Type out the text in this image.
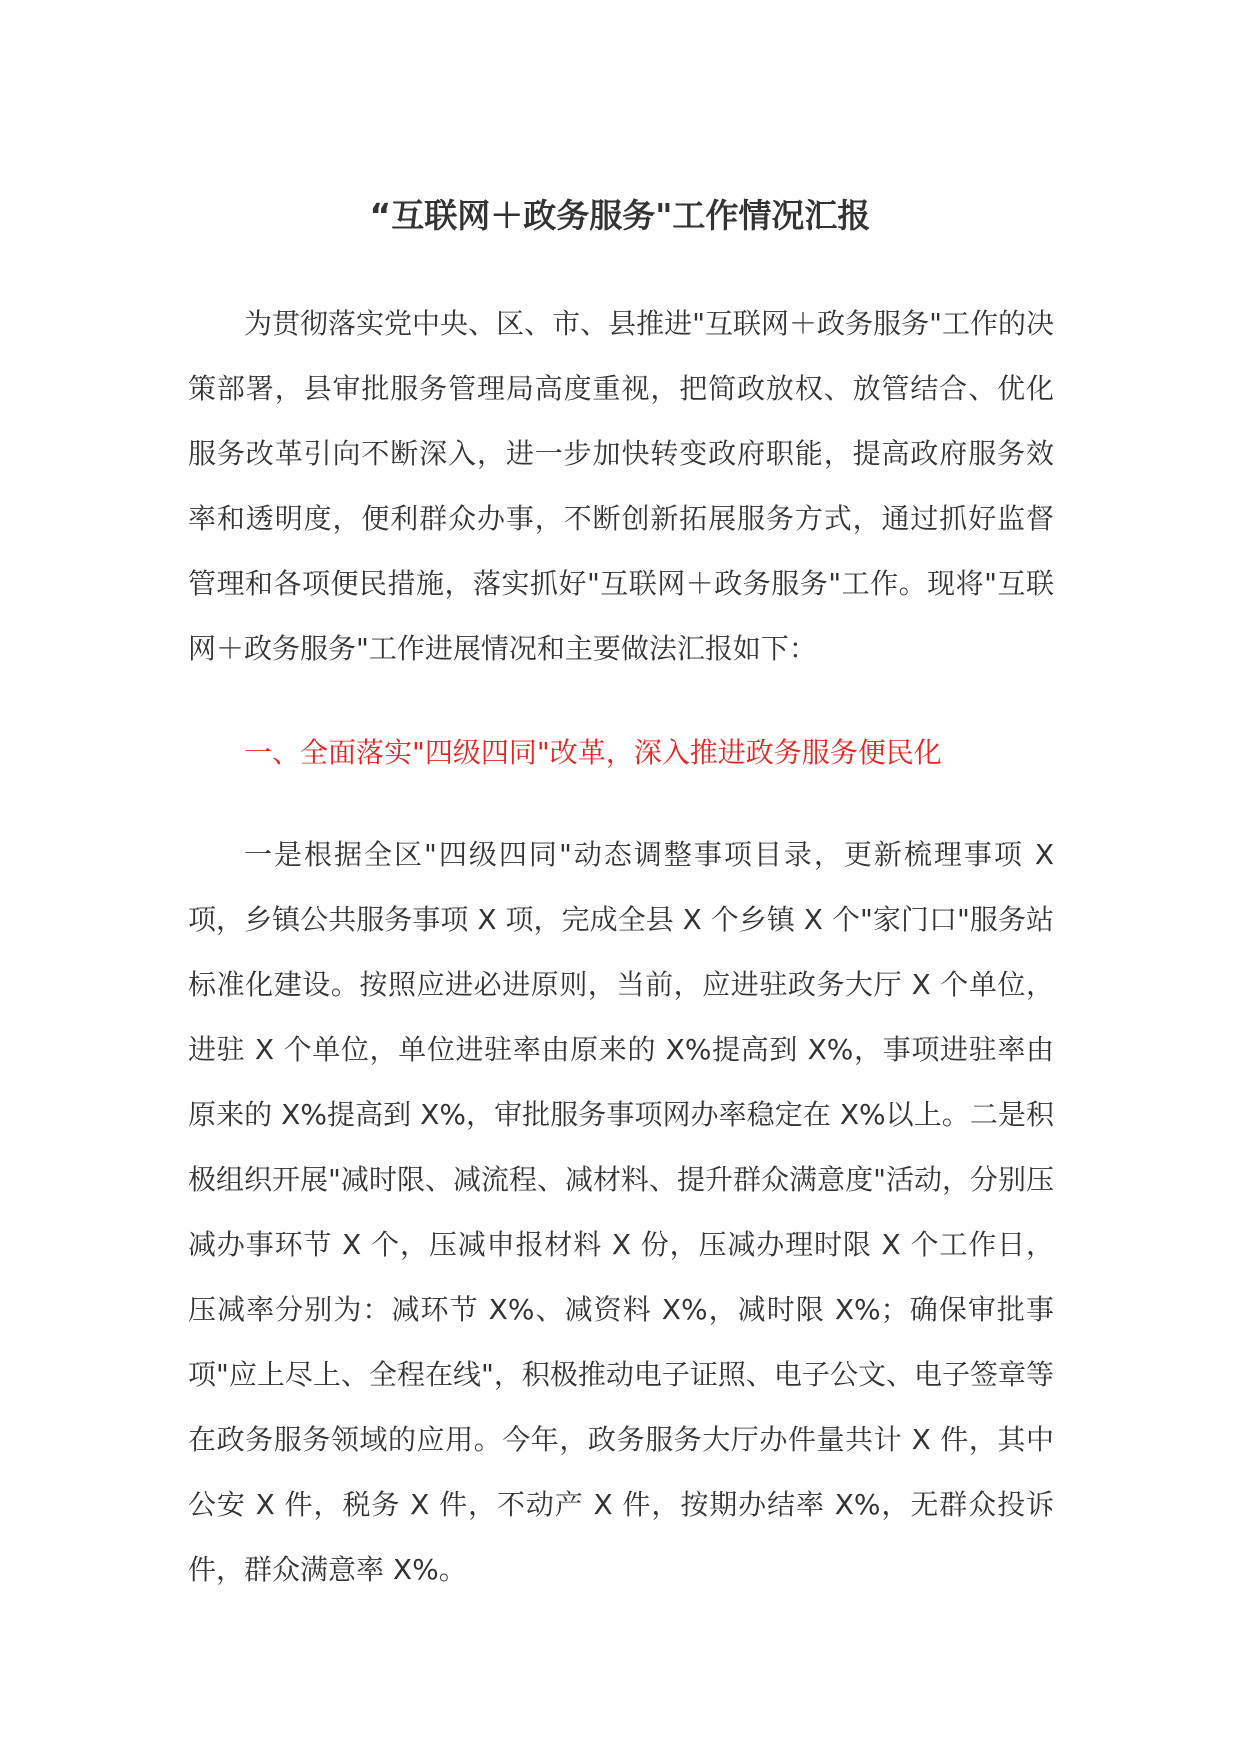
“互联网＋政务服务"工作情况汇报

为贯彻落实党中央、区、市、县推进"互联网＋政务服务"工作的决策部署，县审批服务管理局高度重视，把简政放权、放管结合、优化服务改革引向不断深入，进一步加快转变政府职能，提高政府服务效率和透明度，便利群众办事，不断创新拓展服务方式，通过抓好监督管理和各项便民措施，落实抓好"互联网＋政务服务"工作。现将"互联网＋政务服务"工作进展情况和主要做法汇报如下：

一、全面落实"四级四同"改革，深入推进政务服务便民化

一是根据全区"四级四同"动态调整事项目录，更新梳理事项 X 项，乡镇公共服务事项 X 项，完成全县 X 个乡镇 X 个"家门口"服务站标准化建设。按照应进必进原则，当前，应进驻政务大厅 X 个单位，进驻 X 个单位，单位进驻率由原来的 X%提高到 X%，事项进驻率由原来的 X%提高到 X%，审批服务事项网办率稳定在 X%以上。二是积极组织开展"减时限、减流程、减材料、提升群众满意度"活动，分别压减办事环节 X 个，压减申报材料 X 份，压减办理时限 X 个工作日，压减率分别为：减环节 X%、减资料 X%，减时限 X%；确保审批事项"应上尽上、全程在线"，积极推动电子证照、电子公文、电子签章等在政务服务领域的应用。今年，政务服务大厅办件量共计 X 件，其中公安 X 件，税务 X 件，不动产 X 件，按期办结率 X%，无群众投诉件，群众满意率 X%。
